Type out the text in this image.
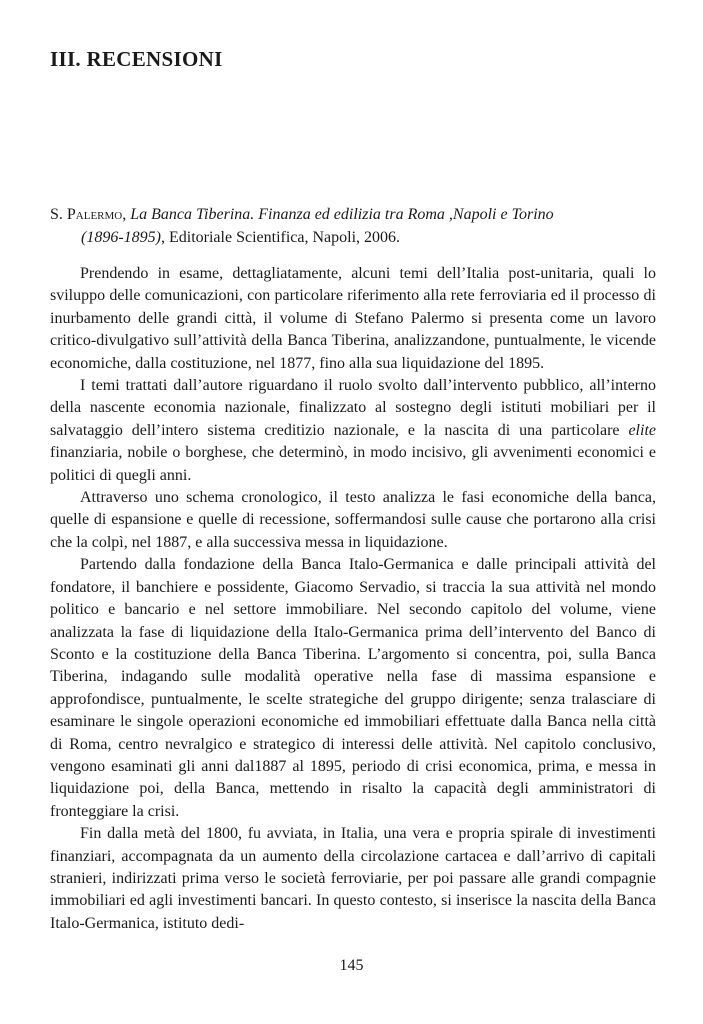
III. RECENSIONI
S. Palermo, La Banca Tiberina. Finanza ed edilizia tra Roma ,Napoli e Torino
(1896-1895), Editoriale Scientifica, Napoli, 2006.

Prendendo in esame, dettagliatamente, alcuni temi dell’Italia post-unitaria, quali lo sviluppo delle comunicazioni, con particolare riferimento alla rete ferroviaria ed il processo di inurbamento delle grandi città, il volume di Stefano Palermo si presenta come un lavoro critico-divulgativo sull’attività della Banca Tiberina, analizzandone, puntualmente, le vicende economiche, dalla costituzione, nel 1877, fino alla sua liquidazione del 1895.

I temi trattati dall’autore riguardano il ruolo svolto dall’intervento pubblico, all’interno della nascente economia nazionale, finalizzato al sostegno degli istituti mobiliari per il salvataggio dell’intero sistema creditizio nazionale, e la nascita di una particolare elite finanziaria, nobile o borghese, che determinò, in modo incisivo, gli avvenimenti economici e politici di quegli anni.

Attraverso uno schema cronologico, il testo analizza le fasi economiche della banca, quelle di espansione e quelle di recessione, soffermandosi sulle cause che portarono alla crisi che la colpì, nel 1887, e alla successiva messa in liquidazione.

Partendo dalla fondazione della Banca Italo-Germanica e dalle principali attività del fondatore, il banchiere e possidente, Giacomo Servadio, si traccia la sua attività nel mondo politico e bancario e nel settore immobiliare. Nel secondo capitolo del volume, viene analizzata la fase di liquidazione della Italo-Germanica prima dell’intervento del Banco di Sconto e la costituzione della Banca Tiberina. L’argomento si concentra, poi, sulla Banca Tiberina, indagando sulle modalità operative nella fase di massima espansione e approfondisce, puntualmente, le scelte strategiche del gruppo dirigente; senza tralasciare di esaminare le singole operazioni economiche ed immobiliari effettuate dalla Banca nella città di Roma, centro nevralgico e strategico di interessi delle attività. Nel capitolo conclusivo, vengono esaminati gli anni dal1887 al 1895, periodo di crisi economica, prima, e messa in liquidazione poi, della Banca, mettendo in risalto la capacità degli amministratori di fronteggiare la crisi.

Fin dalla metà del 1800, fu avviata, in Italia, una vera e propria spirale di investimenti finanziari, accompagnata da un aumento della circolazione cartacea e dall’arrivo di capitali stranieri, indirizzati prima verso le società ferroviarie, per poi passare alle grandi compagnie immobiliari ed agli investimenti bancari. In questo contesto, si inserisce la nascita della Banca Italo-Germanica, istituto dedi-

145
